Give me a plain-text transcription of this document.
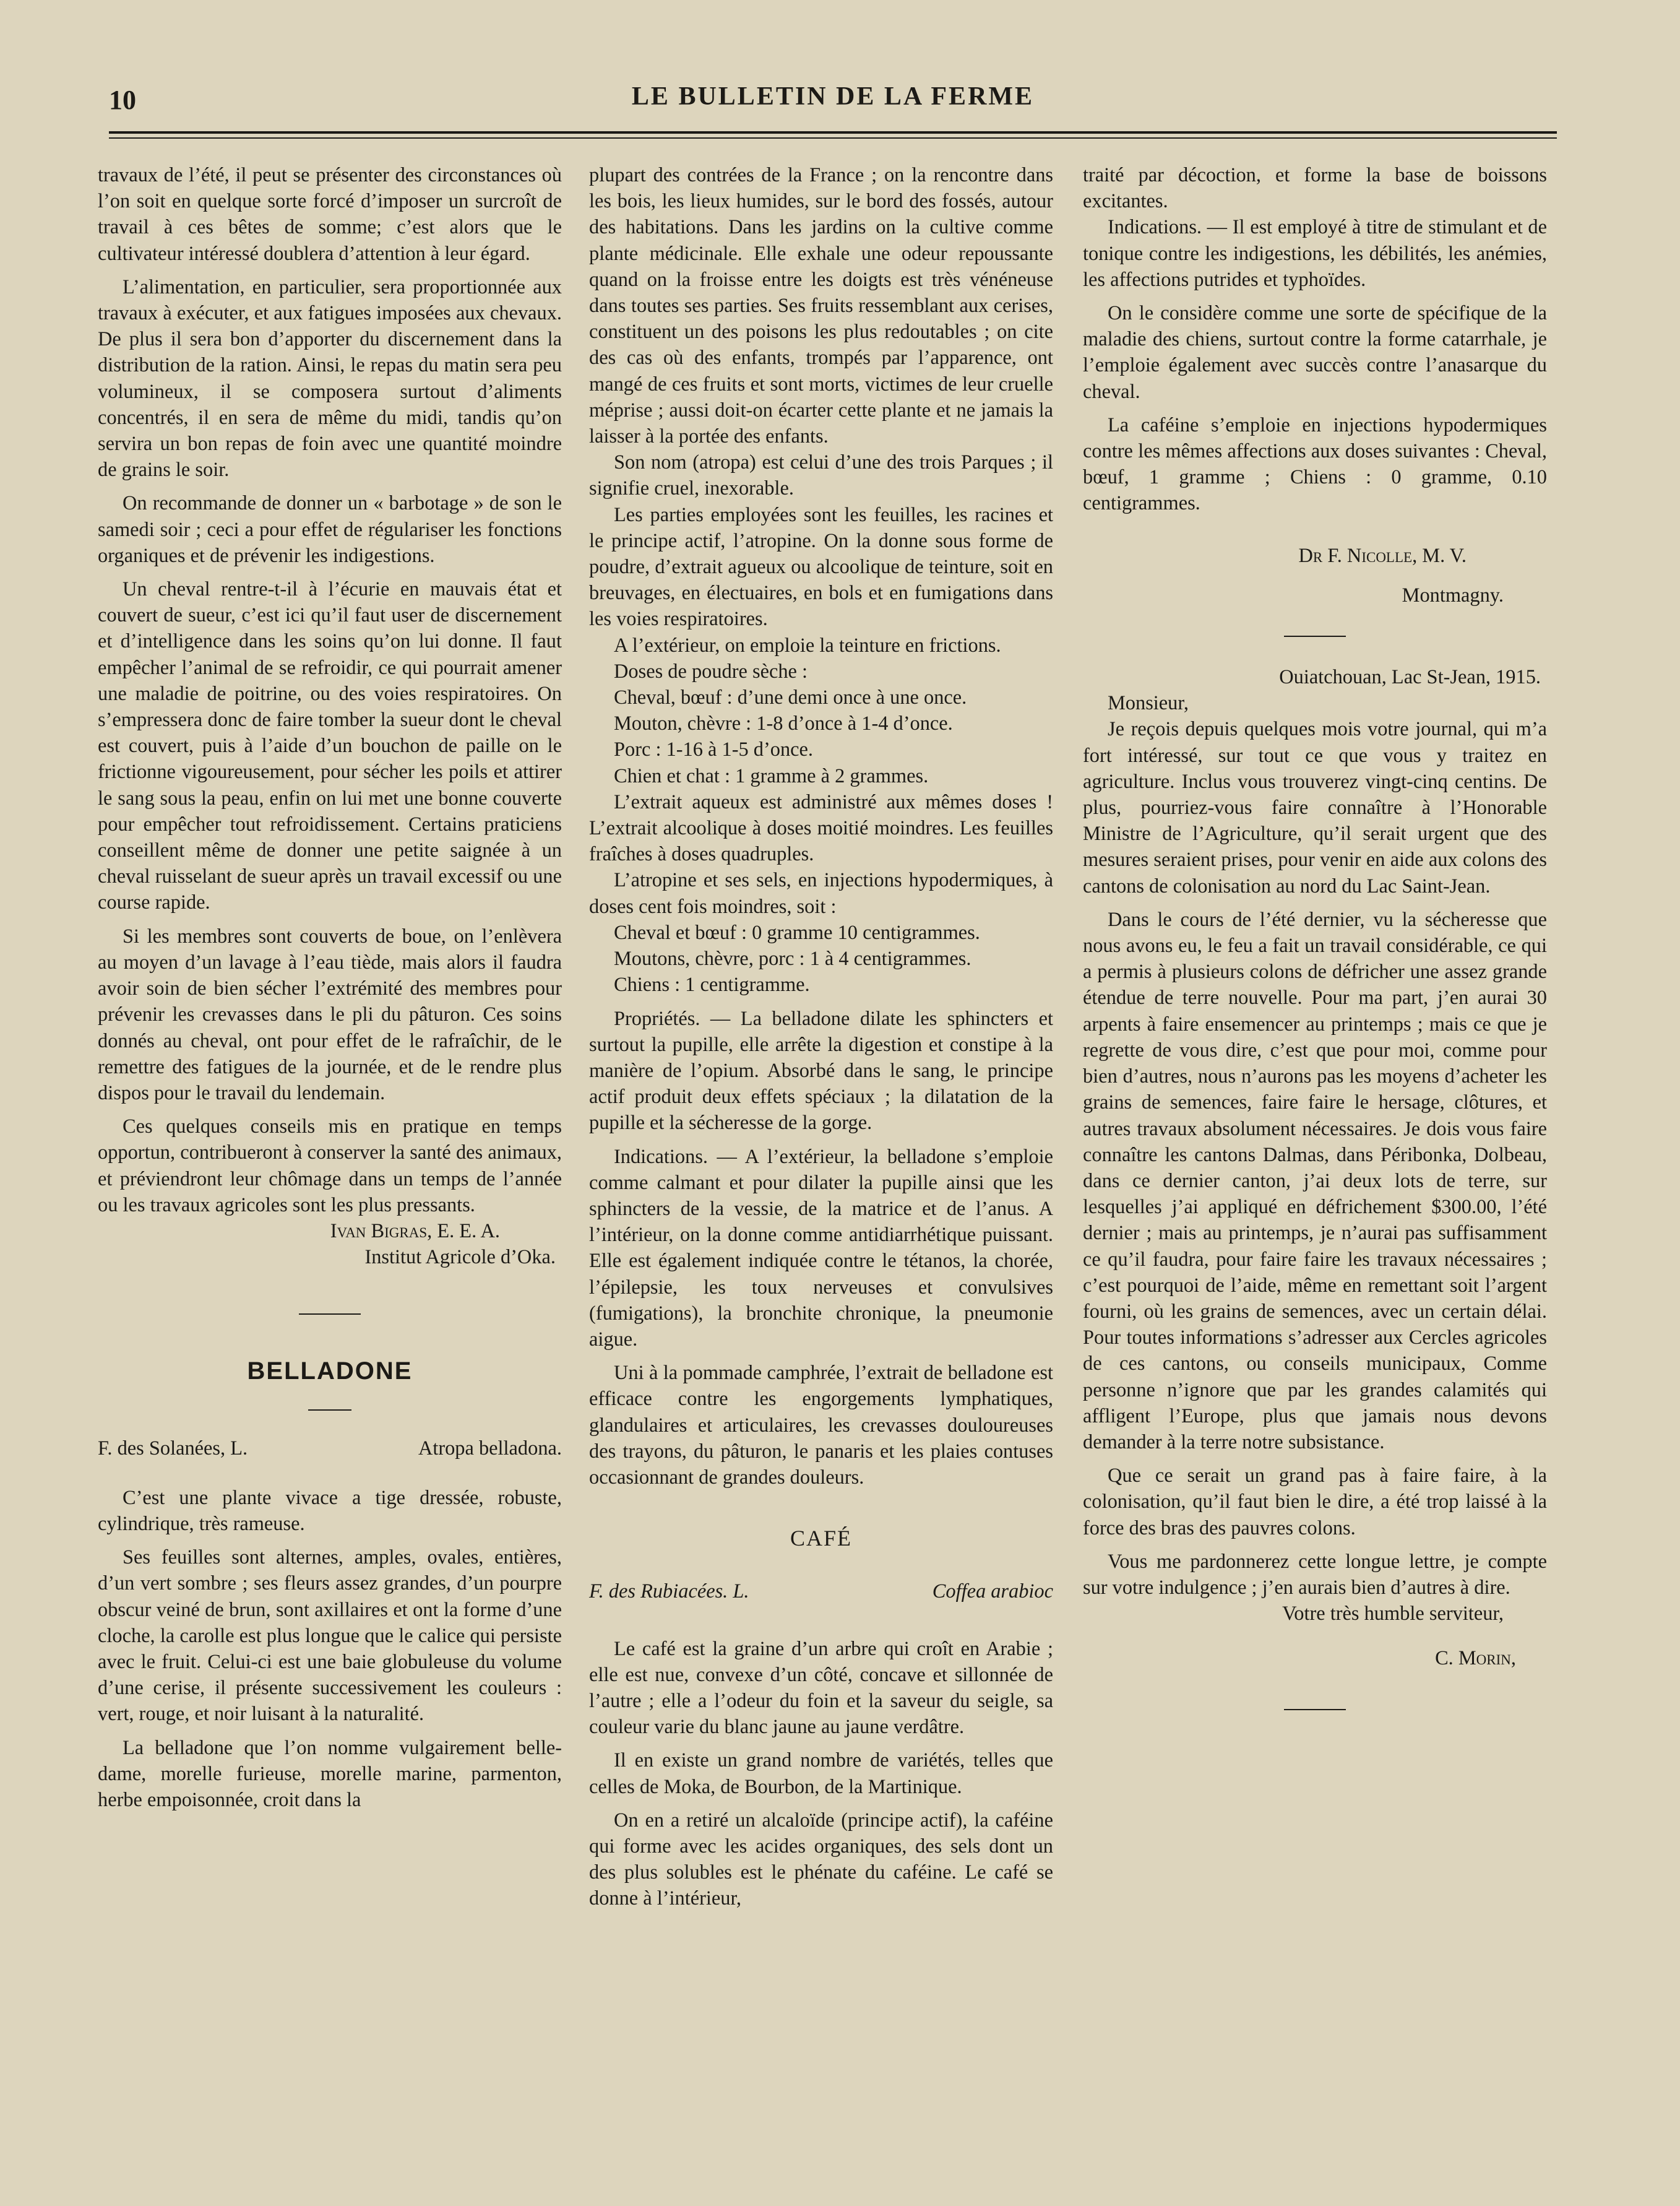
10	LE BULLETIN DE LA FERME

travaux de l’été, il peut se présenter des circonstances où l’on soit en quelque sorte forcé d’imposer un surcroît de travail à ces bêtes de somme; c’est alors que le cultivateur intéressé doublera d’attention à leur égard.

L’alimentation, en particulier, sera proportionnée aux travaux à exécuter, et aux fatigues imposées aux chevaux. De plus il sera bon d’apporter du discernement dans la distribution de la ration. Ainsi, le repas du matin sera peu volumineux, il se composera surtout d’aliments concentrés, il en sera de même du midi, tandis qu’on servira un bon repas de foin avec une quantité moindre de grains le soir.

On recommande de donner un « barbotage » de son le samedi soir ; ceci a pour effet de régulariser les fonctions organiques et de prévenir les indigestions.

Un cheval rentre-t-il à l’écurie en mauvais état et couvert de sueur, c’est ici qu’il faut user de discernement et d’intelligence dans les soins qu’on lui donne. Il faut empêcher l’animal de se refroidir, ce qui pourrait amener une maladie de poitrine, ou des voies respiratoires. On s’empressera donc de faire tomber la sueur dont le cheval est couvert, puis à l’aide d’un bouchon de paille on le frictionne vigoureusement, pour sécher les poils et attirer le sang sous la peau, enfin on lui met une bonne couverte pour empêcher tout refroidissement. Certains praticiens conseillent même de donner une petite saignée à un cheval ruisselant de sueur après un travail excessif ou une course rapide.

Si les membres sont couverts de boue, on l’enlèvera au moyen d’un lavage à l’eau tiède, mais alors il faudra avoir soin de bien sécher l’extrémité des membres pour prévenir les crevasses dans le pli du pâturon. Ces soins donnés au cheval, ont pour effet de le rafraîchir, de le remettre des fatigues de la journée, et de le rendre plus dispos pour le travail du lendemain.

Ces quelques conseils mis en pratique en temps opportun, contribueront à conserver la santé des animaux, et préviendront leur chômage dans un temps de l’année ou les travaux agricoles sont les plus pressants.

Ivan Bigras, E. E. A.

Institut Agricole d’Oka.

BELLADONE
F. des Solanées, L.	Atropa belladona.

C’est une plante vivace a tige dressée, robuste, cylindrique, très rameuse.

Ses feuilles sont alternes, amples, ovales, entières, d’un vert sombre ; ses fleurs assez grandes, d’un pourpre obscur veiné de brun, sont axillaires et ont la forme d’une cloche, la carolle est plus longue que le calice qui persiste avec le fruit. Celui-ci est une baie globuleuse du volume d’une cerise, il présente successivement les couleurs : vert, rouge, et noir luisant à la naturalité.

La belladone que l’on nomme vulgairement belle-dame, morelle furieuse, morelle marine, parmenton, herbe empoisonnée, croit dans la

plupart des contrées de la France ; on la rencontre dans les bois, les lieux humides, sur le bord des fossés, autour des habitations. Dans les jardins on la cultive comme plante médicinale. Elle exhale une odeur repoussante quand on la froisse entre les doigts est très vénéneuse dans toutes ses parties. Ses fruits ressemblant aux cerises, constituent un des poisons les plus redoutables ; on cite des cas où des enfants, trompés par l’apparence, ont mangé de ces fruits et sont morts, victimes de leur cruelle méprise ; aussi doit-on écarter cette plante et ne jamais la laisser à la portée des enfants.

Son nom (atropa) est celui d’une des trois Parques ; il signifie cruel, inexorable.

Les parties employées sont les feuilles, les racines et le principe actif, l’atropine. On la donne sous forme de poudre, d’extrait agueux ou alcoolique de teinture, soit en breuvages, en électuaires, en bols et en fumigations dans les voies respiratoires.

A l’extérieur, on emploie la teinture en frictions.

Doses de poudre sèche :

Cheval, bœuf : d’une demi once à une once.

Mouton, chèvre : 1-8 d’once à 1-4 d’once.

Porc : 1-16 à 1-5 d’once.

Chien et chat : 1 gramme à 2 grammes.

L’extrait aqueux est administré aux mêmes doses ! L’extrait alcoolique à doses moitié moindres. Les feuilles fraîches à doses quadruples.

L’atropine et ses sels, en injections hypodermiques, à doses cent fois moindres, soit :

Cheval et bœuf : 0 gramme 10 centigrammes.

Moutons, chèvre, porc : 1 à 4 centigrammes.

Chiens : 1 centigramme.

Propriétés. — La belladone dilate les sphincters et surtout la pupille, elle arrête la digestion et constipe à la manière de l’opium. Absorbé dans le sang, le principe actif produit deux effets spéciaux ; la dilatation de la pupille et la sécheresse de la gorge.

Indications. — A l’extérieur, la belladone s’emploie comme calmant et pour dilater la pupille ainsi que les sphincters de la vessie, de la matrice et de l’anus. A l’intérieur, on la donne comme antidiarrhétique puissant. Elle est également indiquée contre le tétanos, la chorée, l’épilepsie, les toux nerveuses et convulsives (fumigations), la bronchite chronique, la pneumonie aigue.

Uni à la pommade camphrée, l’extrait de belladone est efficace contre les engorgements lymphatiques, glandulaires et articulaires, les crevasses douloureuses des trayons, du pâturon, le panaris et les plaies contuses occasionnant de grandes douleurs.

CAFÉ
F. des Rubiacées. L.	Coffea arabioc

Le café est la graine d’un arbre qui croît en Arabie ; elle est nue, convexe d’un côté, concave et sillonnée de l’autre ; elle a l’odeur du foin et la saveur du seigle, sa couleur varie du blanc jaune au jaune verdâtre.

Il en existe un grand nombre de variétés, telles que celles de Moka, de Bourbon, de la Martinique.

On en a retiré un alcaloïde (principe actif), la caféine qui forme avec les acides organiques, des sels dont un des plus solubles est le phénate du caféine. Le café se donne à l’intérieur,

traité par décoction, et forme la base de boissons excitantes.

Indications. — Il est employé à titre de stimulant et de tonique contre les indigestions, les débilités, les anémies, les affections putrides et typhoïdes.

On le considère comme une sorte de spécifique de la maladie des chiens, surtout contre la forme catarrhale, je l’emploie également avec succès contre l’anasarque du cheval.

La caféine s’emploie en injections hypodermiques contre les mêmes affections aux doses suivantes : Cheval, bœuf, 1 gramme ; Chiens : 0 gramme, 0.10 centigrammes.

Dr F. Nicolle, M. V.

Montmagny.

Ouiatchouan, Lac St-Jean, 1915.

Monsieur,

Je reçois depuis quelques mois votre journal, qui m’a fort intéressé, sur tout ce que vous y traitez en agriculture. Inclus vous trouverez vingt-cinq centins. De plus, pourriez-vous faire connaître à l’Honorable Ministre de l’Agriculture, qu’il serait urgent que des mesures seraient prises, pour venir en aide aux colons des cantons de colonisation au nord du Lac Saint-Jean.

Dans le cours de l’été dernier, vu la sécheresse que nous avons eu, le feu a fait un travail considérable, ce qui a permis à plusieurs colons de défricher une assez grande étendue de terre nouvelle. Pour ma part, j’en aurai 30 arpents à faire ensemencer au printemps ; mais ce que je regrette de vous dire, c’est que pour moi, comme pour bien d’autres, nous n’aurons pas les moyens d’acheter les grains de semences, faire faire le hersage, clôtures, et autres travaux absolument nécessaires. Je dois vous faire connaître les cantons Dalmas, dans Péribonka, Dolbeau, dans ce dernier canton, j’ai deux lots de terre, sur lesquelles j’ai appliqué en défrichement $300.00, l’été dernier ; mais au printemps, je n’aurai pas suffisamment ce qu’il faudra, pour faire faire les travaux nécessaires ; c’est pourquoi de l’aide, même en remettant soit l’argent fourni, où les grains de semences, avec un certain délai. Pour toutes informations s’adresser aux Cercles agricoles de ces cantons, ou conseils municipaux, Comme personne n’ignore que par les grandes calamités qui affligent l’Europe, plus que jamais nous devons demander à la terre notre subsistance.

Que ce serait un grand pas à faire faire, à la colonisation, qu’il faut bien le dire, a été trop laissé à la force des bras des pauvres colons.

Vous me pardonnerez cette longue lettre, je compte sur votre indulgence ; j’en aurais bien d’autres à dire.

Votre très humble serviteur,

C. Morin,
